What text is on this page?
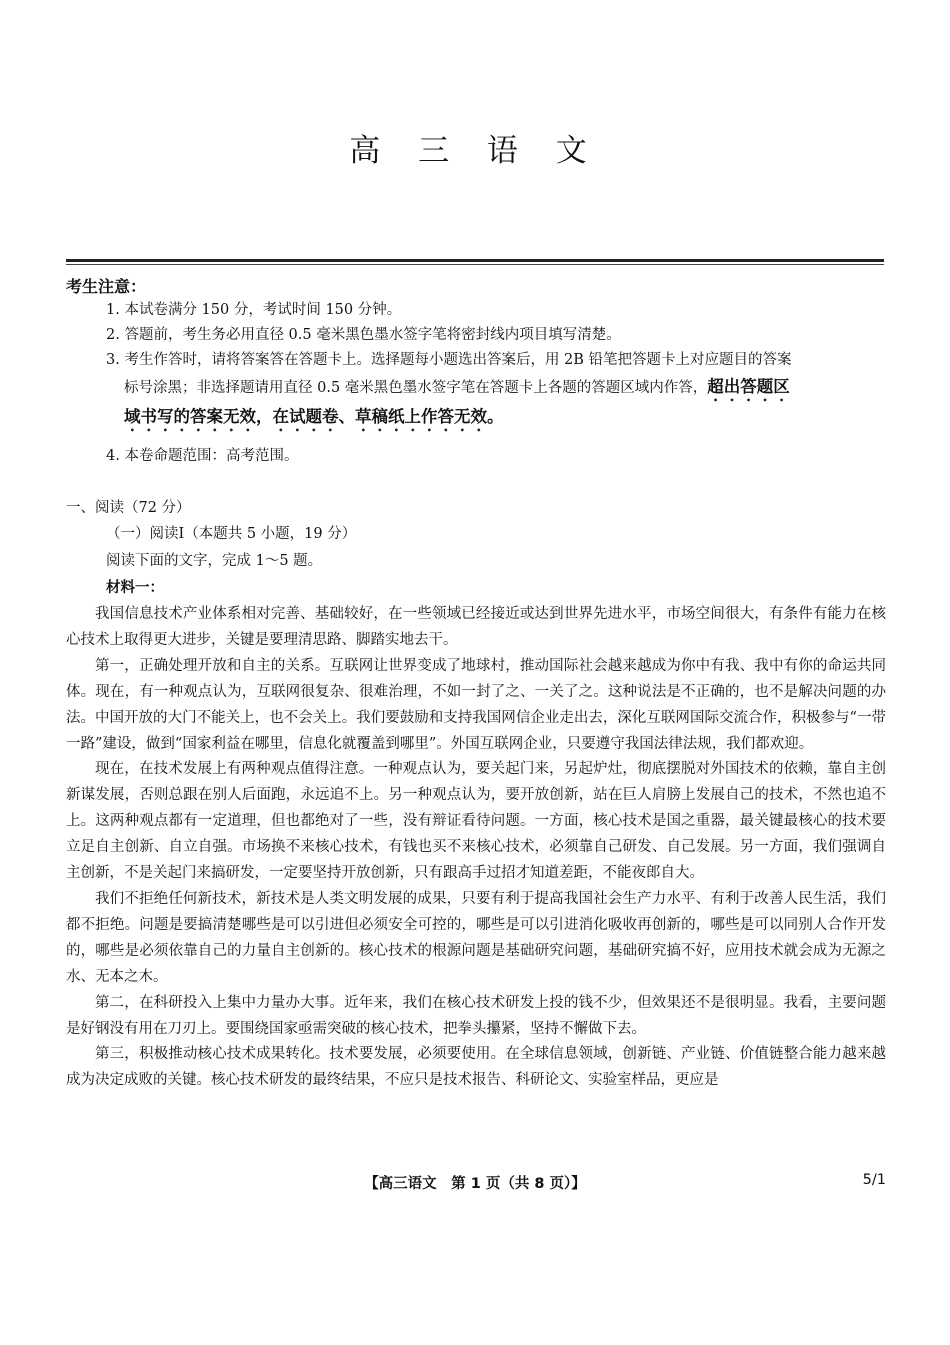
高 三 语 文
考生注意：
1. 本试卷满分 150 分，考试时间 150 分钟。
2. 答题前，考生务必用直径 0.5 毫米黑色墨水签字笔将密封线内项目填写清楚。
3. 考生作答时，请将答案答在答题卡上。选择题每小题选出答案后，用 2B 铅笔把答题卡上对应题目的答案
标号涂黑；非选择题请用直径 0.5 毫米黑色墨水签字笔在答题卡上各题的答题区域内作答，超出答题区
域书写的答案无效，在试题卷、草稿纸上作答无效。
4. 本卷命题范围：高考范围。
一、阅读（72 分）
（一）阅读Ⅰ（本题共 5 小题，19 分）
阅读下面的文字，完成 1～5 题。
材料一：

我国信息技术产业体系相对完善、基础较好，在一些领域已经接近或达到世界先进水平，市场空间很大，有条件有能力在核心技术上取得更大进步，关键是要理清思路、脚踏实地去干。

第一，正确处理开放和自主的关系。互联网让世界变成了地球村，推动国际社会越来越成为你中有我、我中有你的命运共同体。现在，有一种观点认为，互联网很复杂、很难治理，不如一封了之、一关了之。这种说法是不正确的，也不是解决问题的办法。中国开放的大门不能关上，也不会关上。我们要鼓励和支持我国网信企业走出去，深化互联网国际交流合作，积极参与“一带一路”建设，做到“国家利益在哪里，信息化就覆盖到哪里”。外国互联网企业，只要遵守我国法律法规，我们都欢迎。

现在，在技术发展上有两种观点值得注意。一种观点认为，要关起门来，另起炉灶，彻底摆脱对外国技术的依赖，靠自主创新谋发展，否则总跟在别人后面跑，永远追不上。另一种观点认为，要开放创新，站在巨人肩膀上发展自己的技术，不然也追不上。这两种观点都有一定道理，但也都绝对了一些，没有辩证看待问题。一方面，核心技术是国之重器，最关键最核心的技术要立足自主创新、自立自强。市场换不来核心技术，有钱也买不来核心技术，必须靠自己研发、自己发展。另一方面，我们强调自主创新，不是关起门来搞研发，一定要坚持开放创新，只有跟高手过招才知道差距，不能夜郎自大。

我们不拒绝任何新技术，新技术是人类文明发展的成果，只要有利于提高我国社会生产力水平、有利于改善人民生活，我们都不拒绝。问题是要搞清楚哪些是可以引进但必须安全可控的，哪些是可以引进消化吸收再创新的，哪些是可以同别人合作开发的，哪些是必须依靠自己的力量自主创新的。核心技术的根源问题是基础研究问题，基础研究搞不好，应用技术就会成为无源之水、无本之木。

第二，在科研投入上集中力量办大事。近年来，我们在核心技术研发上投的钱不少，但效果还不是很明显。我看，主要问题是好钢没有用在刀刃上。要围绕国家亟需突破的核心技术，把拳头攥紧，坚持不懈做下去。

第三，积极推动核心技术成果转化。技术要发展，必须要使用。在全球信息领域，创新链、产业链、价值链整合能力越来越成为决定成败的关键。核心技术研发的最终结果，不应只是技术报告、科研论文、实验室样品，更应是

【高三语文　第 1 页（共 8 页）】	5/1
